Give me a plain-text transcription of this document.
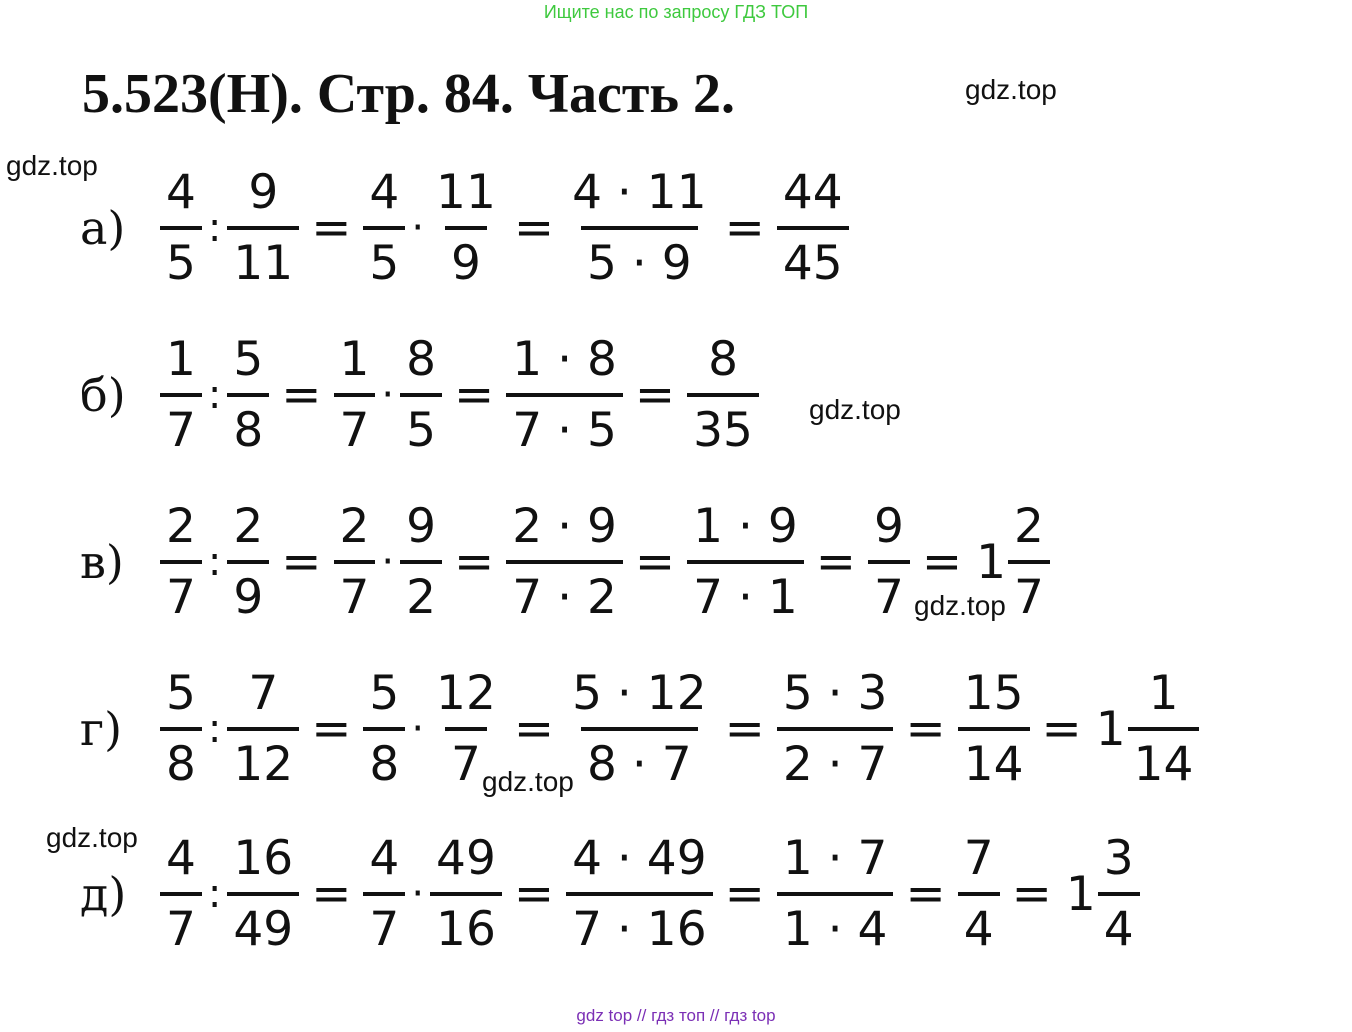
Ищите нас по запросу ГДЗ ТОП
5.523(Н). Стр. 84. Часть 2.
$а) \frac{4}{5}$ : $\frac{9}{11} = \frac{4}{5} \cdot \frac{11}{9} = \frac{4 \cdot 11}{5 \cdot 9} = \frac{44}{45}$
$б) \frac{1}{7}$ : $\frac{5}{8} = \frac{1}{7} \cdot \frac{8}{5} = \frac{1 \cdot 8}{7 \cdot 5} = \frac{8}{35}$
$в) \frac{2}{7}$ : $\frac{2}{9} = \frac{2}{7} \cdot \frac{9}{2} = \frac{2 \cdot 9}{7 \cdot 2} = \frac{1 \cdot 9}{7 \cdot 1} = \frac{9}{7} = 1 \frac{2}{7}$
$г) \frac{5}{8}$ : $\frac{7}{12} = \frac{5}{8} \cdot \frac{12}{7} = \frac{5 \cdot 12}{8 \cdot 7} = \frac{5 \cdot 3}{2 \cdot 7} = \frac{15}{14} = 1 \frac{1}{14}$
$д) \frac{4}{7}$ : $\frac{16}{49} = \frac{4}{7} \cdot \frac{49}{16} = \frac{4 \cdot 49}{7 \cdot 16} = \frac{1 \cdot 7}{1 \cdot 4} = \frac{7}{4} = 1 \frac{3}{4}$
gdz.top
gdz.top
gdz.top
gdz.top
gdz.top
gdz.top
gdz top // гдз топ // гдз top
